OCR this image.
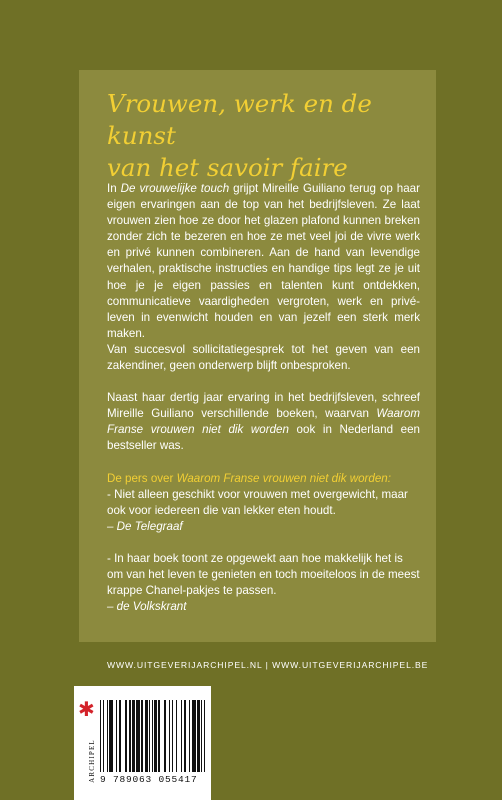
Vrouwen, werk en de kunst
van het savoir faire

In De vrouwelijke touch grijpt Mireille Guiliano terug op haar eigen ervaringen aan de top van het bedrijfsleven. Ze laat vrouwen zien hoe ze door het glazen plafond kunnen breken zonder zich te bezeren en hoe ze met veel joi de vivre werk en privé kunnen combineren. Aan de hand van levendige verhalen, praktische instructies en handige tips legt ze je uit hoe je je eigen passies en talenten kunt ontdekken, communicatieve vaardigheden vergroten, werk en privé-leven in evenwicht houden en van jezelf een sterk merk maken.

Van succesvol sollicitatiegesprek tot het geven van een zakendiner, geen onderwerp blijft onbesproken.

Naast haar dertig jaar ervaring in het bedrijfsleven, schreef Mireille Guiliano verschillende boeken, waarvan Waarom Franse vrouwen niet dik worden ook in Nederland een bestseller was.

De pers over Waarom Franse vrouwen niet dik worden:

- Niet alleen geschikt voor vrouwen met overgewicht, maar ook voor iedereen die van lekker eten houdt.

– De Telegraaf

- In haar boek toont ze opgewekt aan hoe makkelijk het is om van het leven te genieten en toch moeiteloos in de meest krappe Chanel-pakjes te passen.

– de Volkskrant

WWW.UITGEVERIJARCHIPEL.NL | WWW.UITGEVERIJARCHIPEL.BE
✱
ARCHIPEL 9 789063 055417
